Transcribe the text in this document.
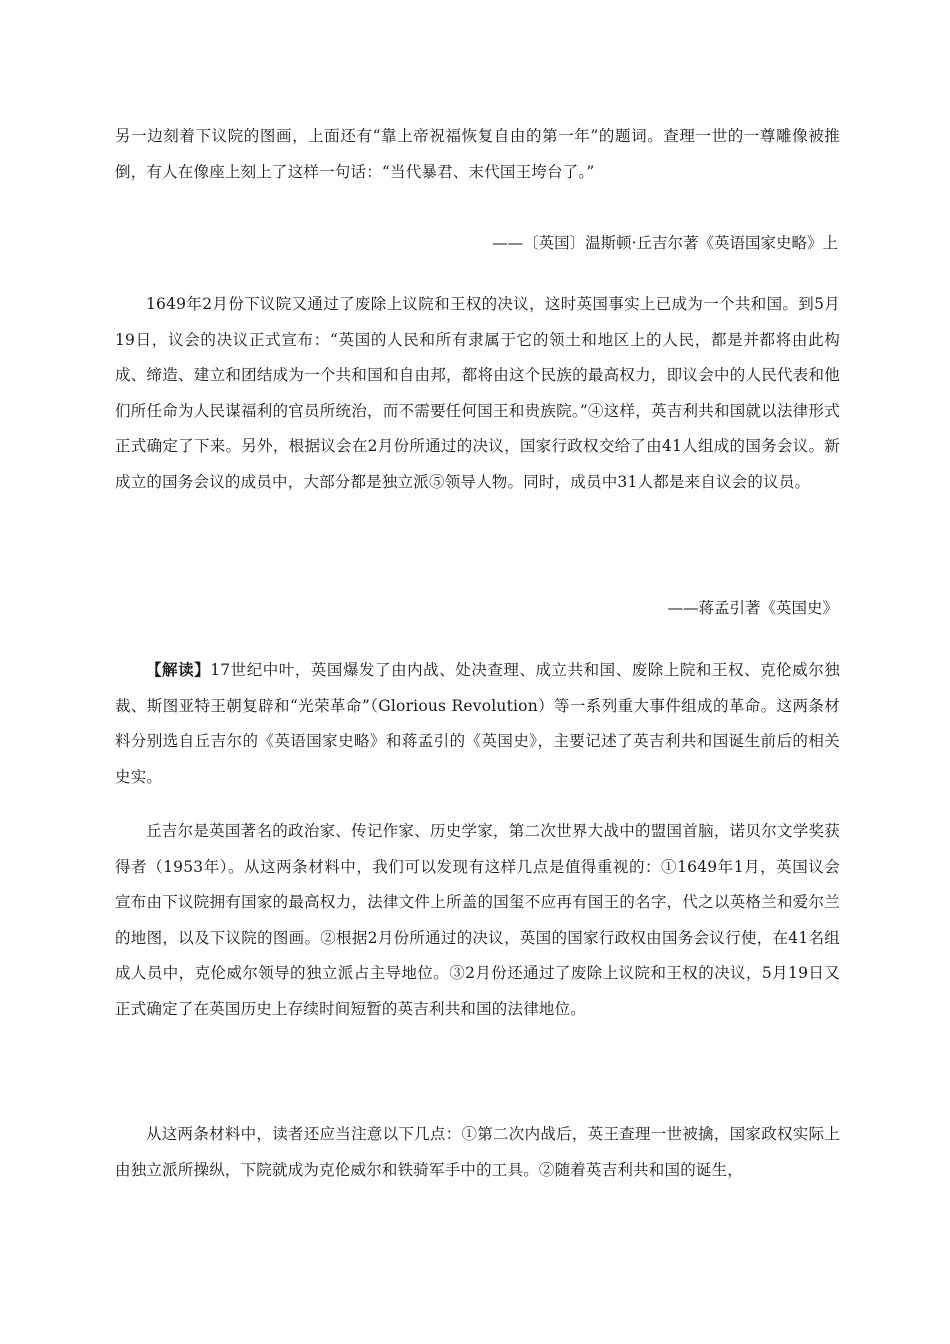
另一边刻着下议院的图画，上面还有“靠上帝祝福恢复自由的第一年”的题词。查理一世的一尊雕像被推倒，有人在像座上刻上了这样一句话：“当代暴君、末代国王垮台了。”

——〔英国〕温斯顿·丘吉尔著《英语国家史略》上

1649年2月份下议院又通过了废除上议院和王权的决议，这时英国事实上已成为一个共和国。到5月19日，议会的决议正式宣布：“英国的人民和所有隶属于它的领土和地区上的人民，都是并都将由此构成、缔造、建立和团结成为一个共和国和自由邦，都将由这个民族的最高权力，即议会中的人民代表和他们所任命为人民谋福利的官员所统治，而不需要任何国王和贵族院。”④这样，英吉利共和国就以法律形式正式确定了下来。另外，根据议会在2月份所通过的决议，国家行政权交给了由41人组成的国务会议。新成立的国务会议的成员中，大部分都是独立派⑤领导人物。同时，成员中31人都是来自议会的议员。

——蒋孟引著《英国史》

【解读】17世纪中叶，英国爆发了由内战、处决查理、成立共和国、废除上院和王权、克伦威尔独裁、斯图亚特王朝复辟和“光荣革命”（Glorious Revolution）等一系列重大事件组成的革命。这两条材料分别选自丘吉尔的《英语国家史略》和蒋孟引的《英国史》，主要记述了英吉利共和国诞生前后的相关史实。

丘吉尔是英国著名的政治家、传记作家、历史学家，第二次世界大战中的盟国首脑，诺贝尔文学奖获得者（1953年）。从这两条材料中，我们可以发现有这样几点是值得重视的：①1649年1月，英国议会宣布由下议院拥有国家的最高权力，法律文件上所盖的国玺不应再有国王的名字，代之以英格兰和爱尔兰的地图，以及下议院的图画。②根据2月份所通过的决议，英国的国家行政权由国务会议行使，在41名组成人员中，克伦威尔领导的独立派占主导地位。③2月份还通过了废除上议院和王权的决议，5月19日又正式确定了在英国历史上存续时间短暂的英吉利共和国的法律地位。

从这两条材料中，读者还应当注意以下几点：①第二次内战后，英王查理一世被擒，国家政权实际上由独立派所操纵，下院就成为克伦威尔和铁骑军手中的工具。②随着英吉利共和国的诞生，
